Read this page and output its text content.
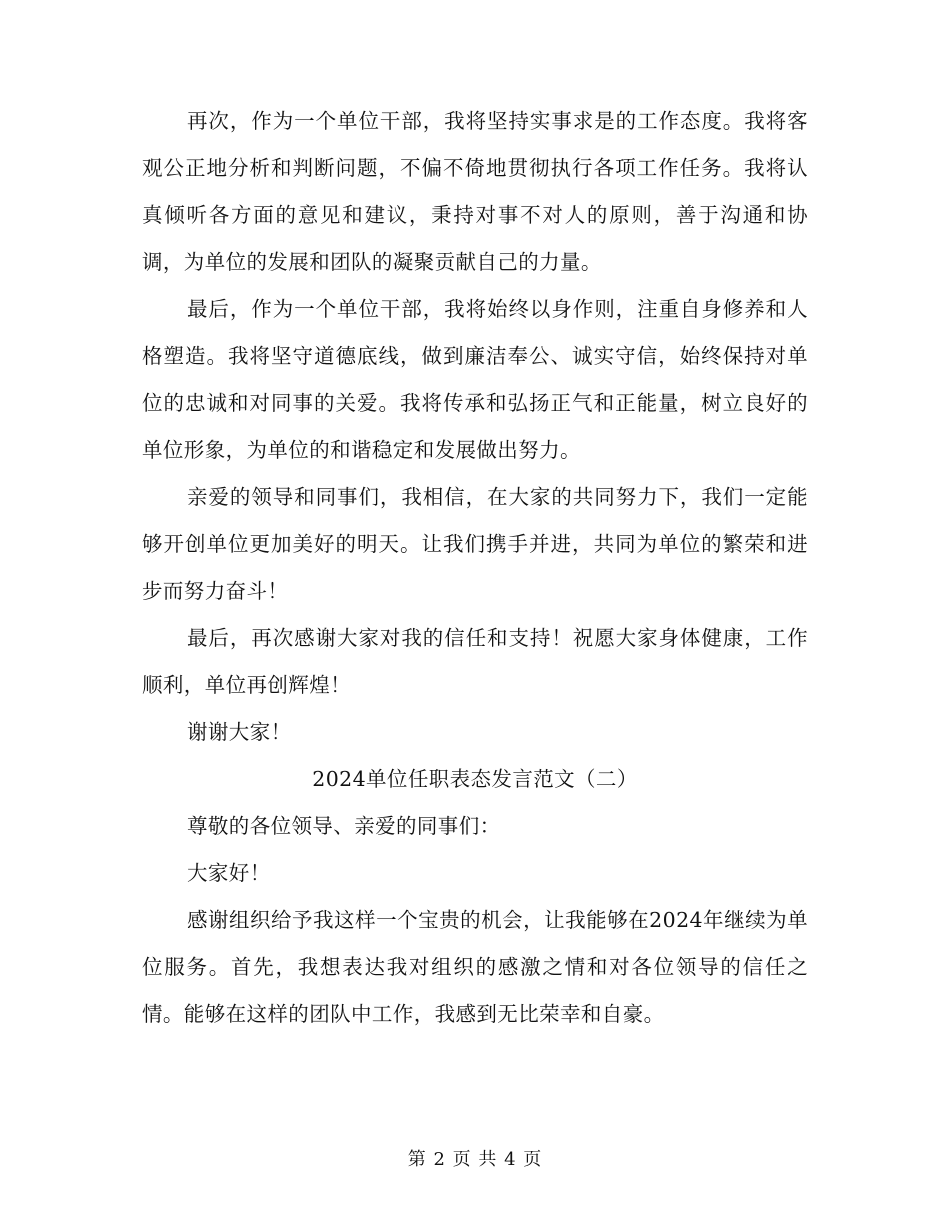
再次，作为一个单位干部，我将坚持实事求是的工作态度。我将客观公正地分析和判断问题，不偏不倚地贯彻执行各项工作任务。我将认真倾听各方面的意见和建议，秉持对事不对人的原则，善于沟通和协调，为单位的发展和团队的凝聚贡献自己的力量。

最后，作为一个单位干部，我将始终以身作则，注重自身修养和人格塑造。我将坚守道德底线，做到廉洁奉公、诚实守信，始终保持对单位的忠诚和对同事的关爱。我将传承和弘扬正气和正能量，树立良好的单位形象，为单位的和谐稳定和发展做出努力。

亲爱的领导和同事们，我相信，在大家的共同努力下，我们一定能够开创单位更加美好的明天。让我们携手并进，共同为单位的繁荣和进步而努力奋斗！

最后，再次感谢大家对我的信任和支持！祝愿大家身体健康，工作顺利，单位再创辉煌！

谢谢大家！

2024单位任职表态发言范文（二）

尊敬的各位领导、亲爱的同事们：

大家好！

感谢组织给予我这样一个宝贵的机会，让我能够在2024年继续为单位服务。首先，我想表达我对组织的感激之情和对各位领导的信任之情。能够在这样的团队中工作，我感到无比荣幸和自豪。

第 2 页 共 4 页
